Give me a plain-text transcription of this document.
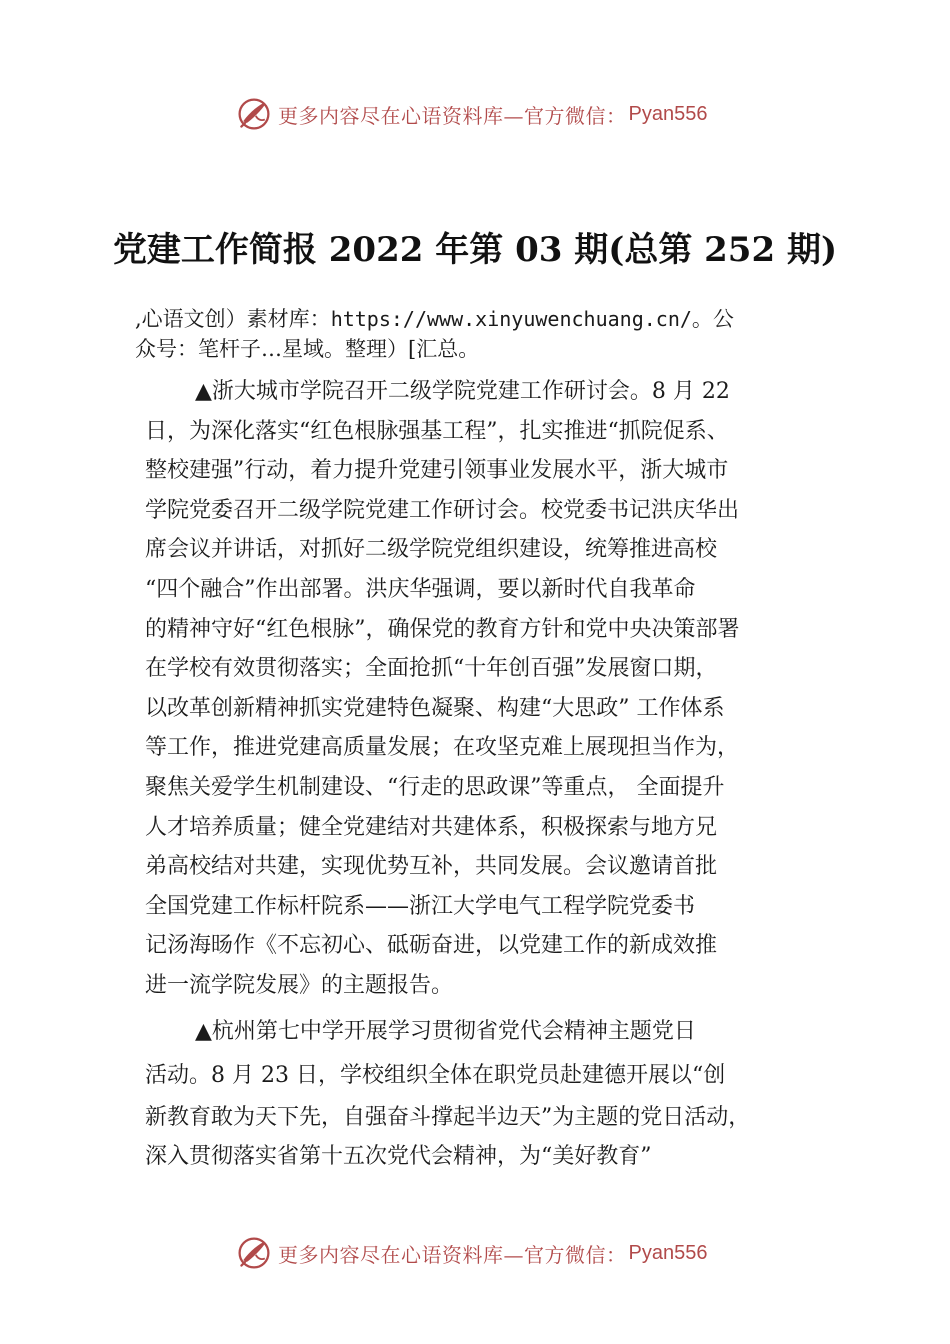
更多内容尽在心语资料库—官方微信： Pyan556
党建工作简报 2022 年第 03 期(总第 252 期)
,心语文创）素材库：https://www.xinyuwenchuang.cn/。公
众号：笔杆子…星域。整理）[汇总。
▲浙大城市学院召开二级学院党建工作研讨会。8 月 22
日，为深化落实“红色根脉强基工程”，扎实推进“抓院促系、
整校建强”行动，着力提升党建引领事业发展水平，浙大城市
学院党委召开二级学院党建工作研讨会。校党委书记洪庆华出
席会议并讲话，对抓好二级学院党组织建设，统筹推进高校
“四个融合”作出部署。洪庆华强调，要以新时代自我革命
的精神守好“红色根脉”，确保党的教育方针和党中央决策部署
在学校有效贯彻落实；全面抢抓“十年创百强”发展窗口期，
以改革创新精神抓实党建特色凝聚、构建“大思政” 工作体系
等工作，推进党建高质量发展；在攻坚克难上展现担当作为，
聚焦关爱学生机制建设、“行走的思政课”等重点， 全面提升
人才培养质量；健全党建结对共建体系，积极探索与地方兄
弟高校结对共建，实现优势互补，共同发展。会议邀请首批
全国党建工作标杆院系——浙江大学电气工程学院党委书
记汤海旸作《不忘初心、砥砺奋进，以党建工作的新成效推
进一流学院发展》的主题报告。
▲杭州第七中学开展学习贯彻省党代会精神主题党日
活动。8 月 23 日，学校组织全体在职党员赴建德开展以“创
新教育敢为天下先，自强奋斗撑起半边天”为主题的党日活动，
深入贯彻落实省第十五次党代会精神，为“美好教育”
更多内容尽在心语资料库—官方微信： Pyan556
